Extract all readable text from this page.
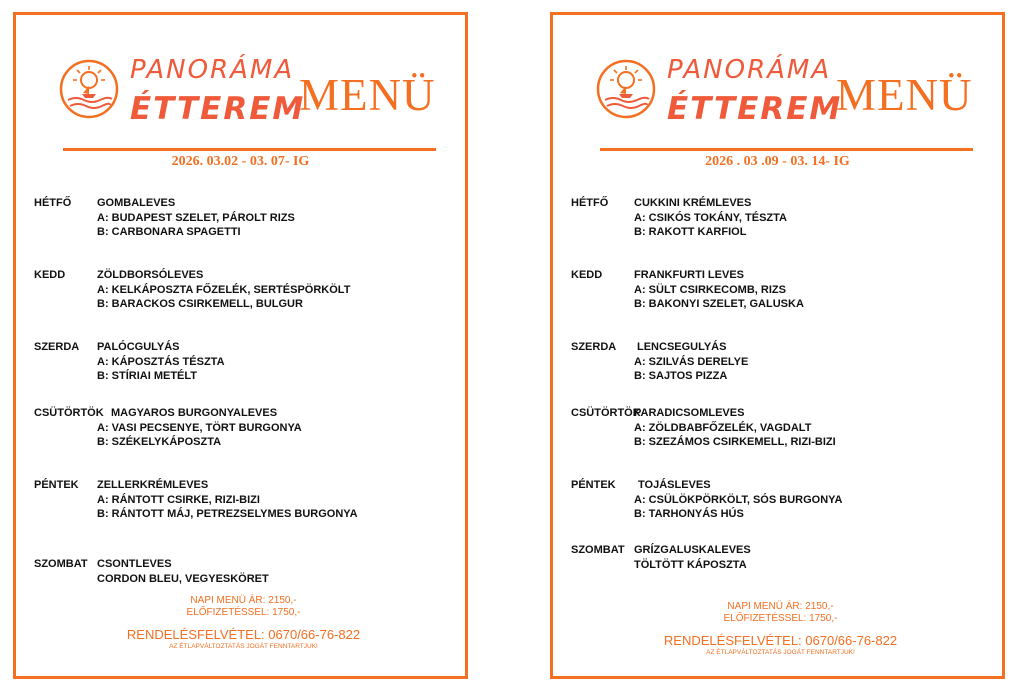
PANORÁMA
ÉTTEREM
MENÜ
2026. 03.02 - 03. 07- IG
HÉTFŐ GOMBALEVES
A: BUDAPEST SZELET, PÁROLT RIZS
B: CARBONARA SPAGETTI
KEDD	ZÖLDBORSÓLEVES
A: KELKÁPOSZTA FŐZELÉK, SERTÉSPÖRKÖLT
B: BARACKOS CSIRKEMELL, BULGUR
SZERDA PALÓCGULYÁS
A: KÁPOSZTÁS TÉSZTA
B: STÍRIAI METÉLT
CSÜTÖRTÖK MAGYAROS BURGONYALEVES
A: VASI PECSENYE, TÖRT BURGONYA
B: SZÉKELYKÁPOSZTA
PÉNTEK ZELLERKRÉMLEVES
A: RÁNTOTT CSIRKE, RIZI-BIZI
B: RÁNTOTT MÁJ, PETREZSELYMES BURGONYA
SZOMBAT CSONTLEVES
CORDON BLEU, VEGYESKÖRET
NAPI MENÜ ÁR: 2150,-
ELŐFIZETÉSSEL: 1750,-
RENDELÉSFELVÉTEL: 0670/66-76-822
AZ ÉTLAPVÁLTOZTATÁS JOGÁT FENNTARTJUK!
PANORÁMA
ÉTTEREM
MENÜ
2026 . 03 .09 - 03. 14- IG
HÉTFŐ CUKKINI KRÉMLEVES
A: CSIKÓS TOKÁNY, TÉSZTA
B: RAKOTT KARFIOL
KEDD	FRANKFURTI LEVES
A: SÜLT CSIRKECOMB, RIZS
B: BAKONYI SZELET, GALUSKA
SZERDA LENCSEGULYÁS
A: SZILVÁS DERELYE
B: SAJTOS PIZZA
CSÜTÖRTÖK
PARADICSOMLEVES
A: ZÖLDBABFŐZELÉK, VAGDALT
B: SZEZÁMOS CSIRKEMELL, RIZI-BIZI
PÉNTEK TOJÁSLEVES
A: CSÜLÖKPÖRKÖLT, SÓS BURGONYA
B: TARHONYÁS HÚS
SZOMBAT GRÍZGALUSKALEVES
TÖLTÖTT KÁPOSZTA
NAPI MENÜ ÁR: 2150,-
ELŐFIZETÉSSEL: 1750,-
RENDELÉSFELVÉTEL: 0670/66-76-822
AZ ÉTLAPVÁLTOZTATÁS JOGÁT FENNTARTJUK!
